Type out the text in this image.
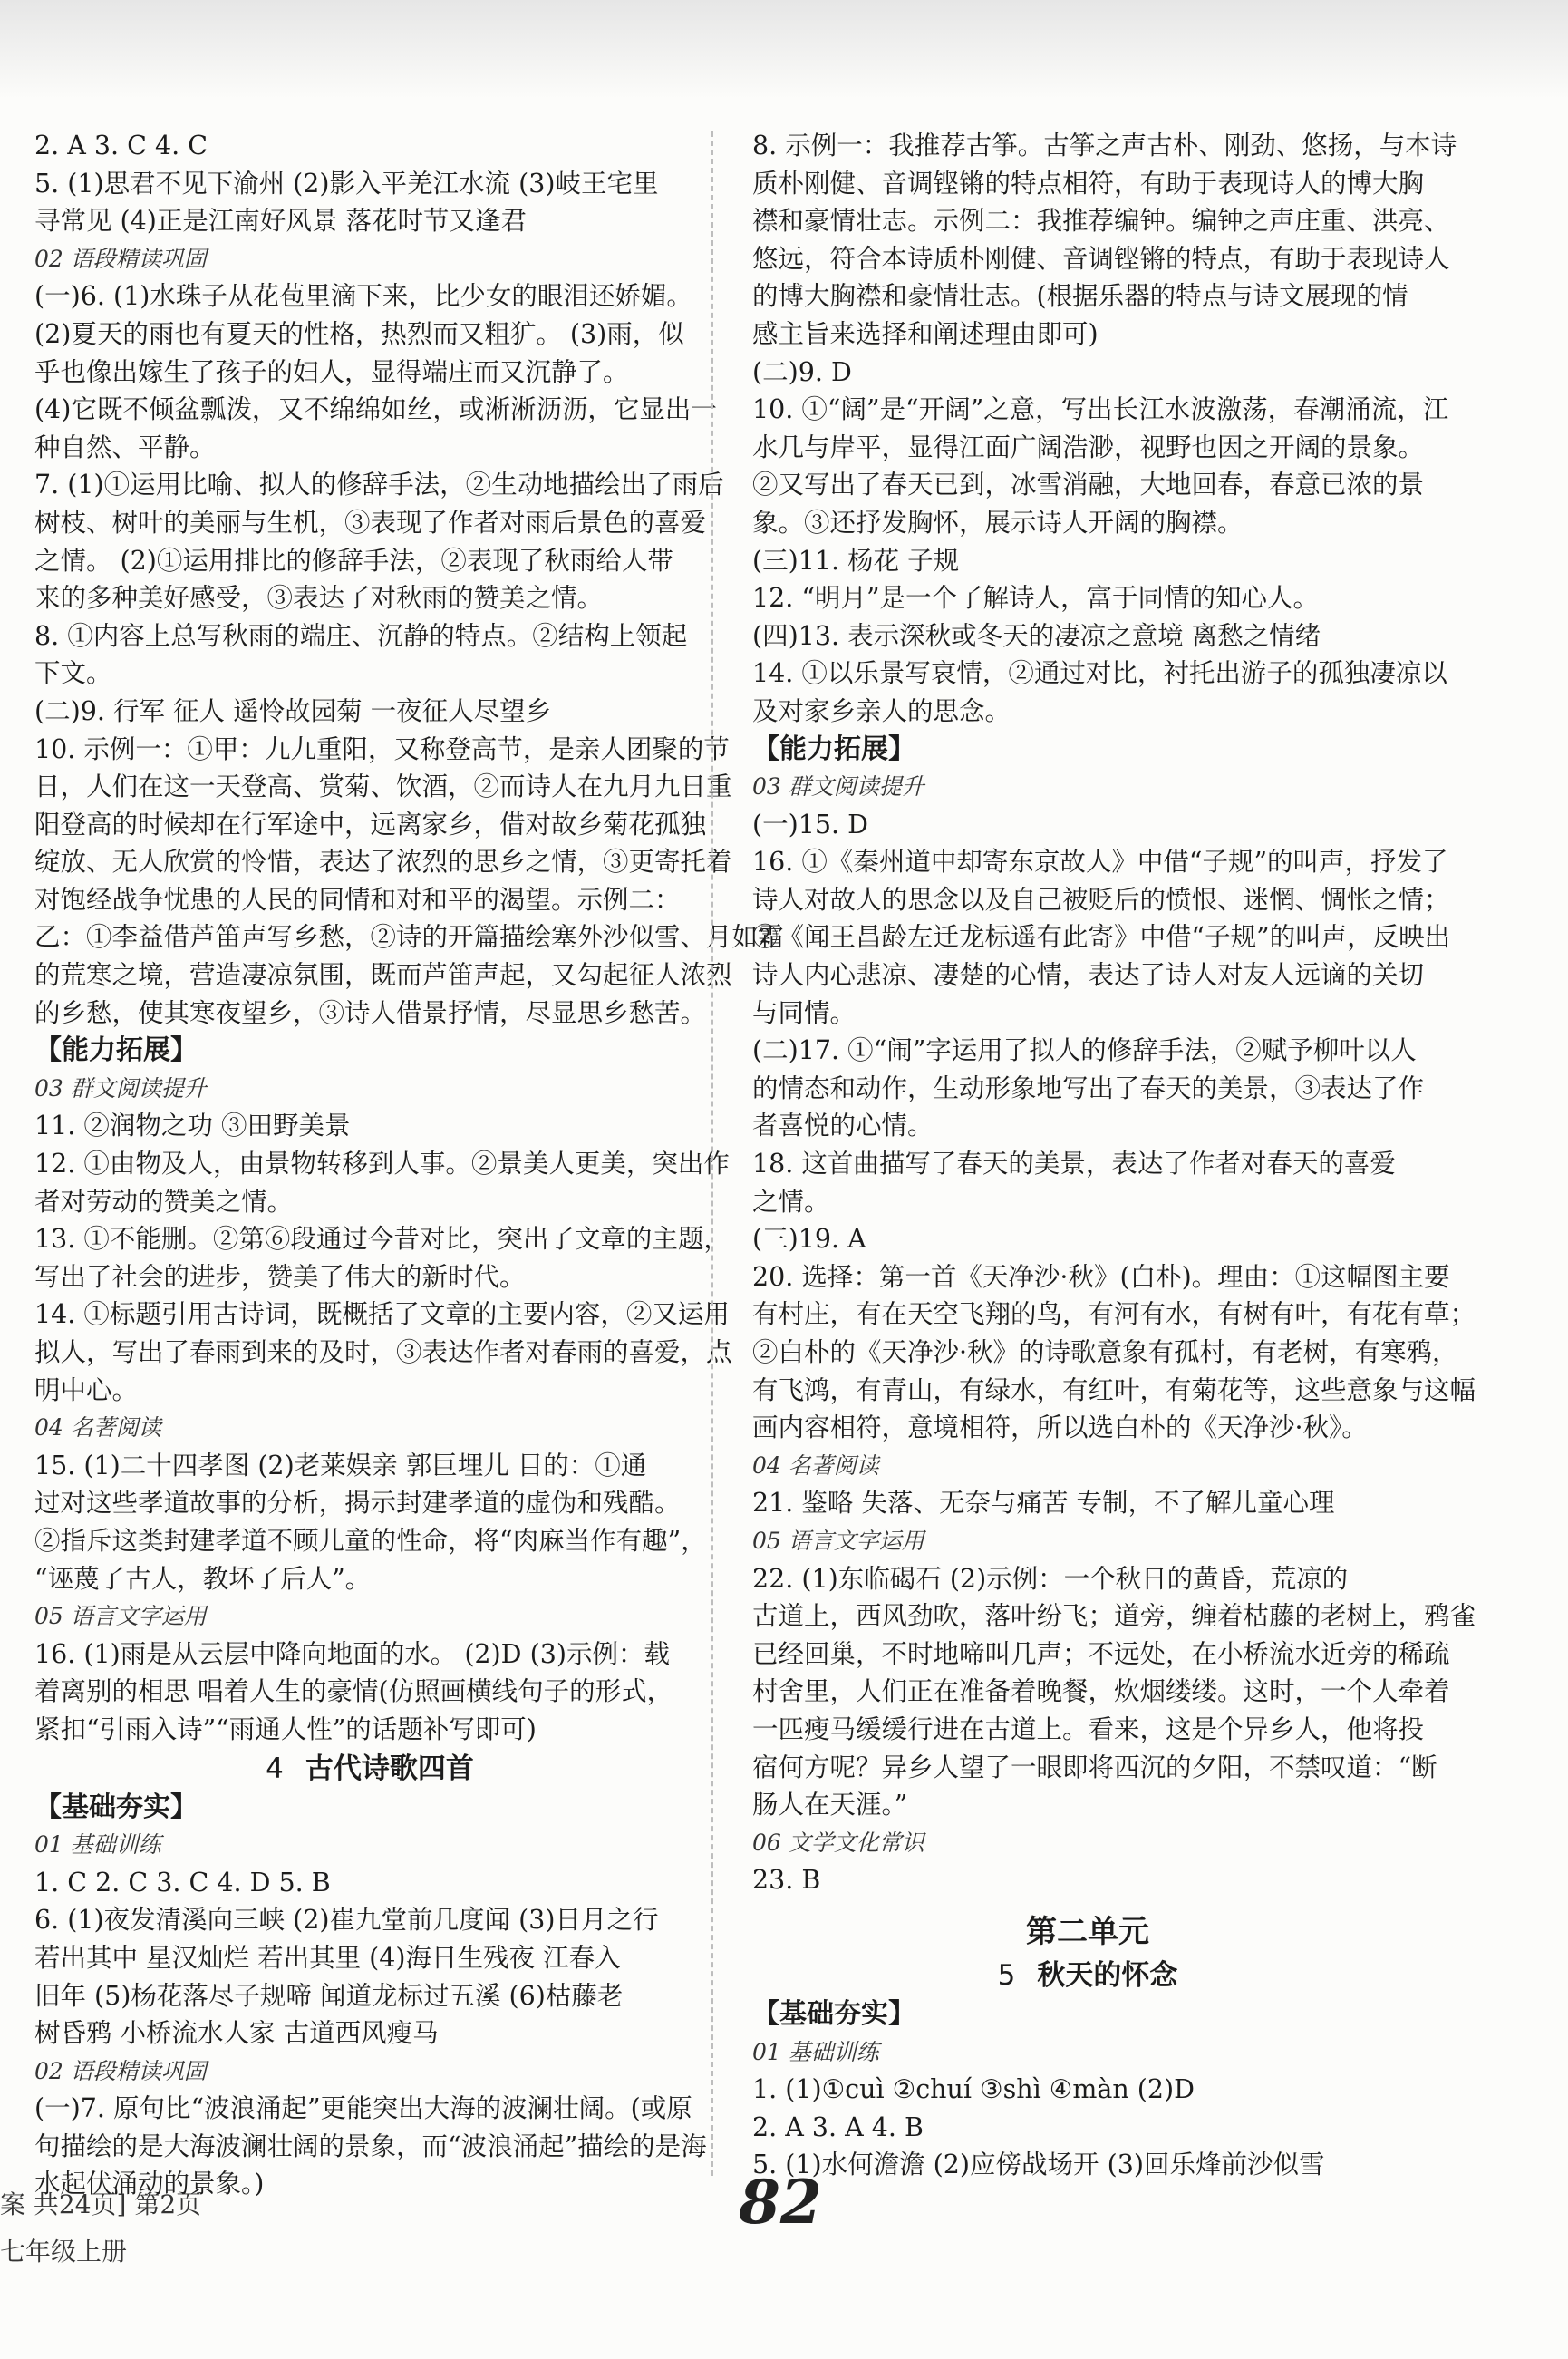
2. A 3. C 4. C
5. (1)思君不见下渝州 (2)影入平羌江水流 (3)岐王宅里
寻常见 (4)正是江南好风景 落花时节又逢君
02 语段精读巩固
(一)6. (1)水珠子从花苞里滴下来，比少女的眼泪还娇媚。
(2)夏天的雨也有夏天的性格，热烈而又粗犷。 (3)雨，似
乎也像出嫁生了孩子的妇人，显得端庄而又沉静了。
(4)它既不倾盆瓢泼，又不绵绵如丝，或淅淅沥沥，它显出一
种自然、平静。
7. (1)①运用比喻、拟人的修辞手法，②生动地描绘出了雨后
树枝、树叶的美丽与生机，③表现了作者对雨后景色的喜爱
之情。 (2)①运用排比的修辞手法，②表现了秋雨给人带
来的多种美好感受，③表达了对秋雨的赞美之情。
8. ①内容上总写秋雨的端庄、沉静的特点。②结构上领起
下文。
(二)9. 行军 征人 遥怜故园菊 一夜征人尽望乡
10. 示例一：①甲：九九重阳，又称登高节，是亲人团聚的节
日，人们在这一天登高、赏菊、饮酒，②而诗人在九月九日重
阳登高的时候却在行军途中，远离家乡，借对故乡菊花孤独
绽放、无人欣赏的怜惜，表达了浓烈的思乡之情，③更寄托着
对饱经战争忧患的人民的同情和对和平的渴望。示例二：
乙：①李益借芦笛声写乡愁，②诗的开篇描绘塞外沙似雪、月如霜
的荒寒之境，营造凄凉氛围，既而芦笛声起，又勾起征人浓烈
的乡愁，使其寒夜望乡，③诗人借景抒情，尽显思乡愁苦。
【能力拓展】
03 群文阅读提升
11. ②润物之功 ③田野美景
12. ①由物及人，由景物转移到人事。②景美人更美，突出作
者对劳动的赞美之情。
13. ①不能删。②第⑥段通过今昔对比，突出了文章的主题，
写出了社会的进步，赞美了伟大的新时代。
14. ①标题引用古诗词，既概括了文章的主要内容，②又运用
拟人，写出了春雨到来的及时，③表达作者对春雨的喜爱，点
明中心。
04 名著阅读
15. (1)二十四孝图 (2)老莱娱亲 郭巨埋儿 目的：①通
过对这些孝道故事的分析，揭示封建孝道的虚伪和残酷。
②指斥这类封建孝道不顾儿童的性命，将“肉麻当作有趣”，
“诬蔑了古人，教坏了后人”。
05 语言文字运用
16. (1)雨是从云层中降向地面的水。 (2)D (3)示例：载
着离别的相思 唱着人生的豪情(仿照画横线句子的形式，
紧扣“引雨入诗”“雨通人性”的话题补写即可)
4 古代诗歌四首
【基础夯实】
01 基础训练
1. C 2. C 3. C 4. D 5. B
6. (1)夜发清溪向三峡 (2)崔九堂前几度闻 (3)日月之行
若出其中 星汉灿烂 若出其里 (4)海日生残夜 江春入
旧年 (5)杨花落尽子规啼 闻道龙标过五溪 (6)枯藤老
树昏鸦 小桥流水人家 古道西风瘦马
02 语段精读巩固
(一)7. 原句比“波浪涌起”更能突出大海的波澜壮阔。(或原
句描绘的是大海波澜壮阔的景象，而“波浪涌起”描绘的是海
水起伏涌动的景象。)
8. 示例一：我推荐古筝。古筝之声古朴、刚劲、悠扬，与本诗
质朴刚健、音调铿锵的特点相符，有助于表现诗人的博大胸
襟和豪情壮志。示例二：我推荐编钟。编钟之声庄重、洪亮、
悠远，符合本诗质朴刚健、音调铿锵的特点，有助于表现诗人
的博大胸襟和豪情壮志。(根据乐器的特点与诗文展现的情
感主旨来选择和阐述理由即可)
(二)9. D
10. ①“阔”是“开阔”之意，写出长江水波激荡，春潮涌流，江
水几与岸平，显得江面广阔浩渺，视野也因之开阔的景象。
②又写出了春天已到，冰雪消融，大地回春，春意已浓的景
象。③还抒发胸怀，展示诗人开阔的胸襟。
(三)11. 杨花 子规
12. “明月”是一个了解诗人，富于同情的知心人。
(四)13. 表示深秋或冬天的凄凉之意境 离愁之情绪
14. ①以乐景写哀情，②通过对比，衬托出游子的孤独凄凉以
及对家乡亲人的思念。
【能力拓展】
03 群文阅读提升
(一)15. D
16. ①《秦州道中却寄东京故人》中借“子规”的叫声，抒发了
诗人对故人的思念以及自己被贬后的愤恨、迷惘、惆怅之情；
②《闻王昌龄左迁龙标遥有此寄》中借“子规”的叫声，反映出
诗人内心悲凉、凄楚的心情，表达了诗人对友人远谪的关切
与同情。
(二)17. ①“闹”字运用了拟人的修辞手法，②赋予柳叶以人
的情态和动作，生动形象地写出了春天的美景，③表达了作
者喜悦的心情。
18. 这首曲描写了春天的美景，表达了作者对春天的喜爱
之情。
(三)19. A
20. 选择：第一首《天净沙·秋》(白朴)。理由：①这幅图主要
有村庄，有在天空飞翔的鸟，有河有水，有树有叶，有花有草；
②白朴的《天净沙·秋》的诗歌意象有孤村，有老树，有寒鸦，
有飞鸿，有青山，有绿水，有红叶，有菊花等，这些意象与这幅
画内容相符，意境相符，所以选白朴的《天净沙·秋》。
04 名著阅读
21. 鉴略 失落、无奈与痛苦 专制，不了解儿童心理
05 语言文字运用
22. (1)东临碣石 (2)示例：一个秋日的黄昏，荒凉的
古道上，西风劲吹，落叶纷飞；道旁，缠着枯藤的老树上，鸦雀
已经回巢，不时地啼叫几声；不远处，在小桥流水近旁的稀疏
村舍里，人们正在准备着晚餐，炊烟缕缕。这时，一个人牵着
一匹瘦马缓缓行进在古道上。看来，这是个异乡人，他将投
宿何方呢？异乡人望了一眼即将西沉的夕阳，不禁叹道：“断
肠人在天涯。”
06 文学文化常识
23. B
第二单元
5 秋天的怀念
【基础夯实】
01 基础训练
1. (1)①cuì ②chuí ③shì ④màn (2)D
2. A 3. A 4. B
5. (1)水何澹澹 (2)应傍战场开 (3)回乐烽前沙似雪
案 共24页] 第2页
七年级上册
82
